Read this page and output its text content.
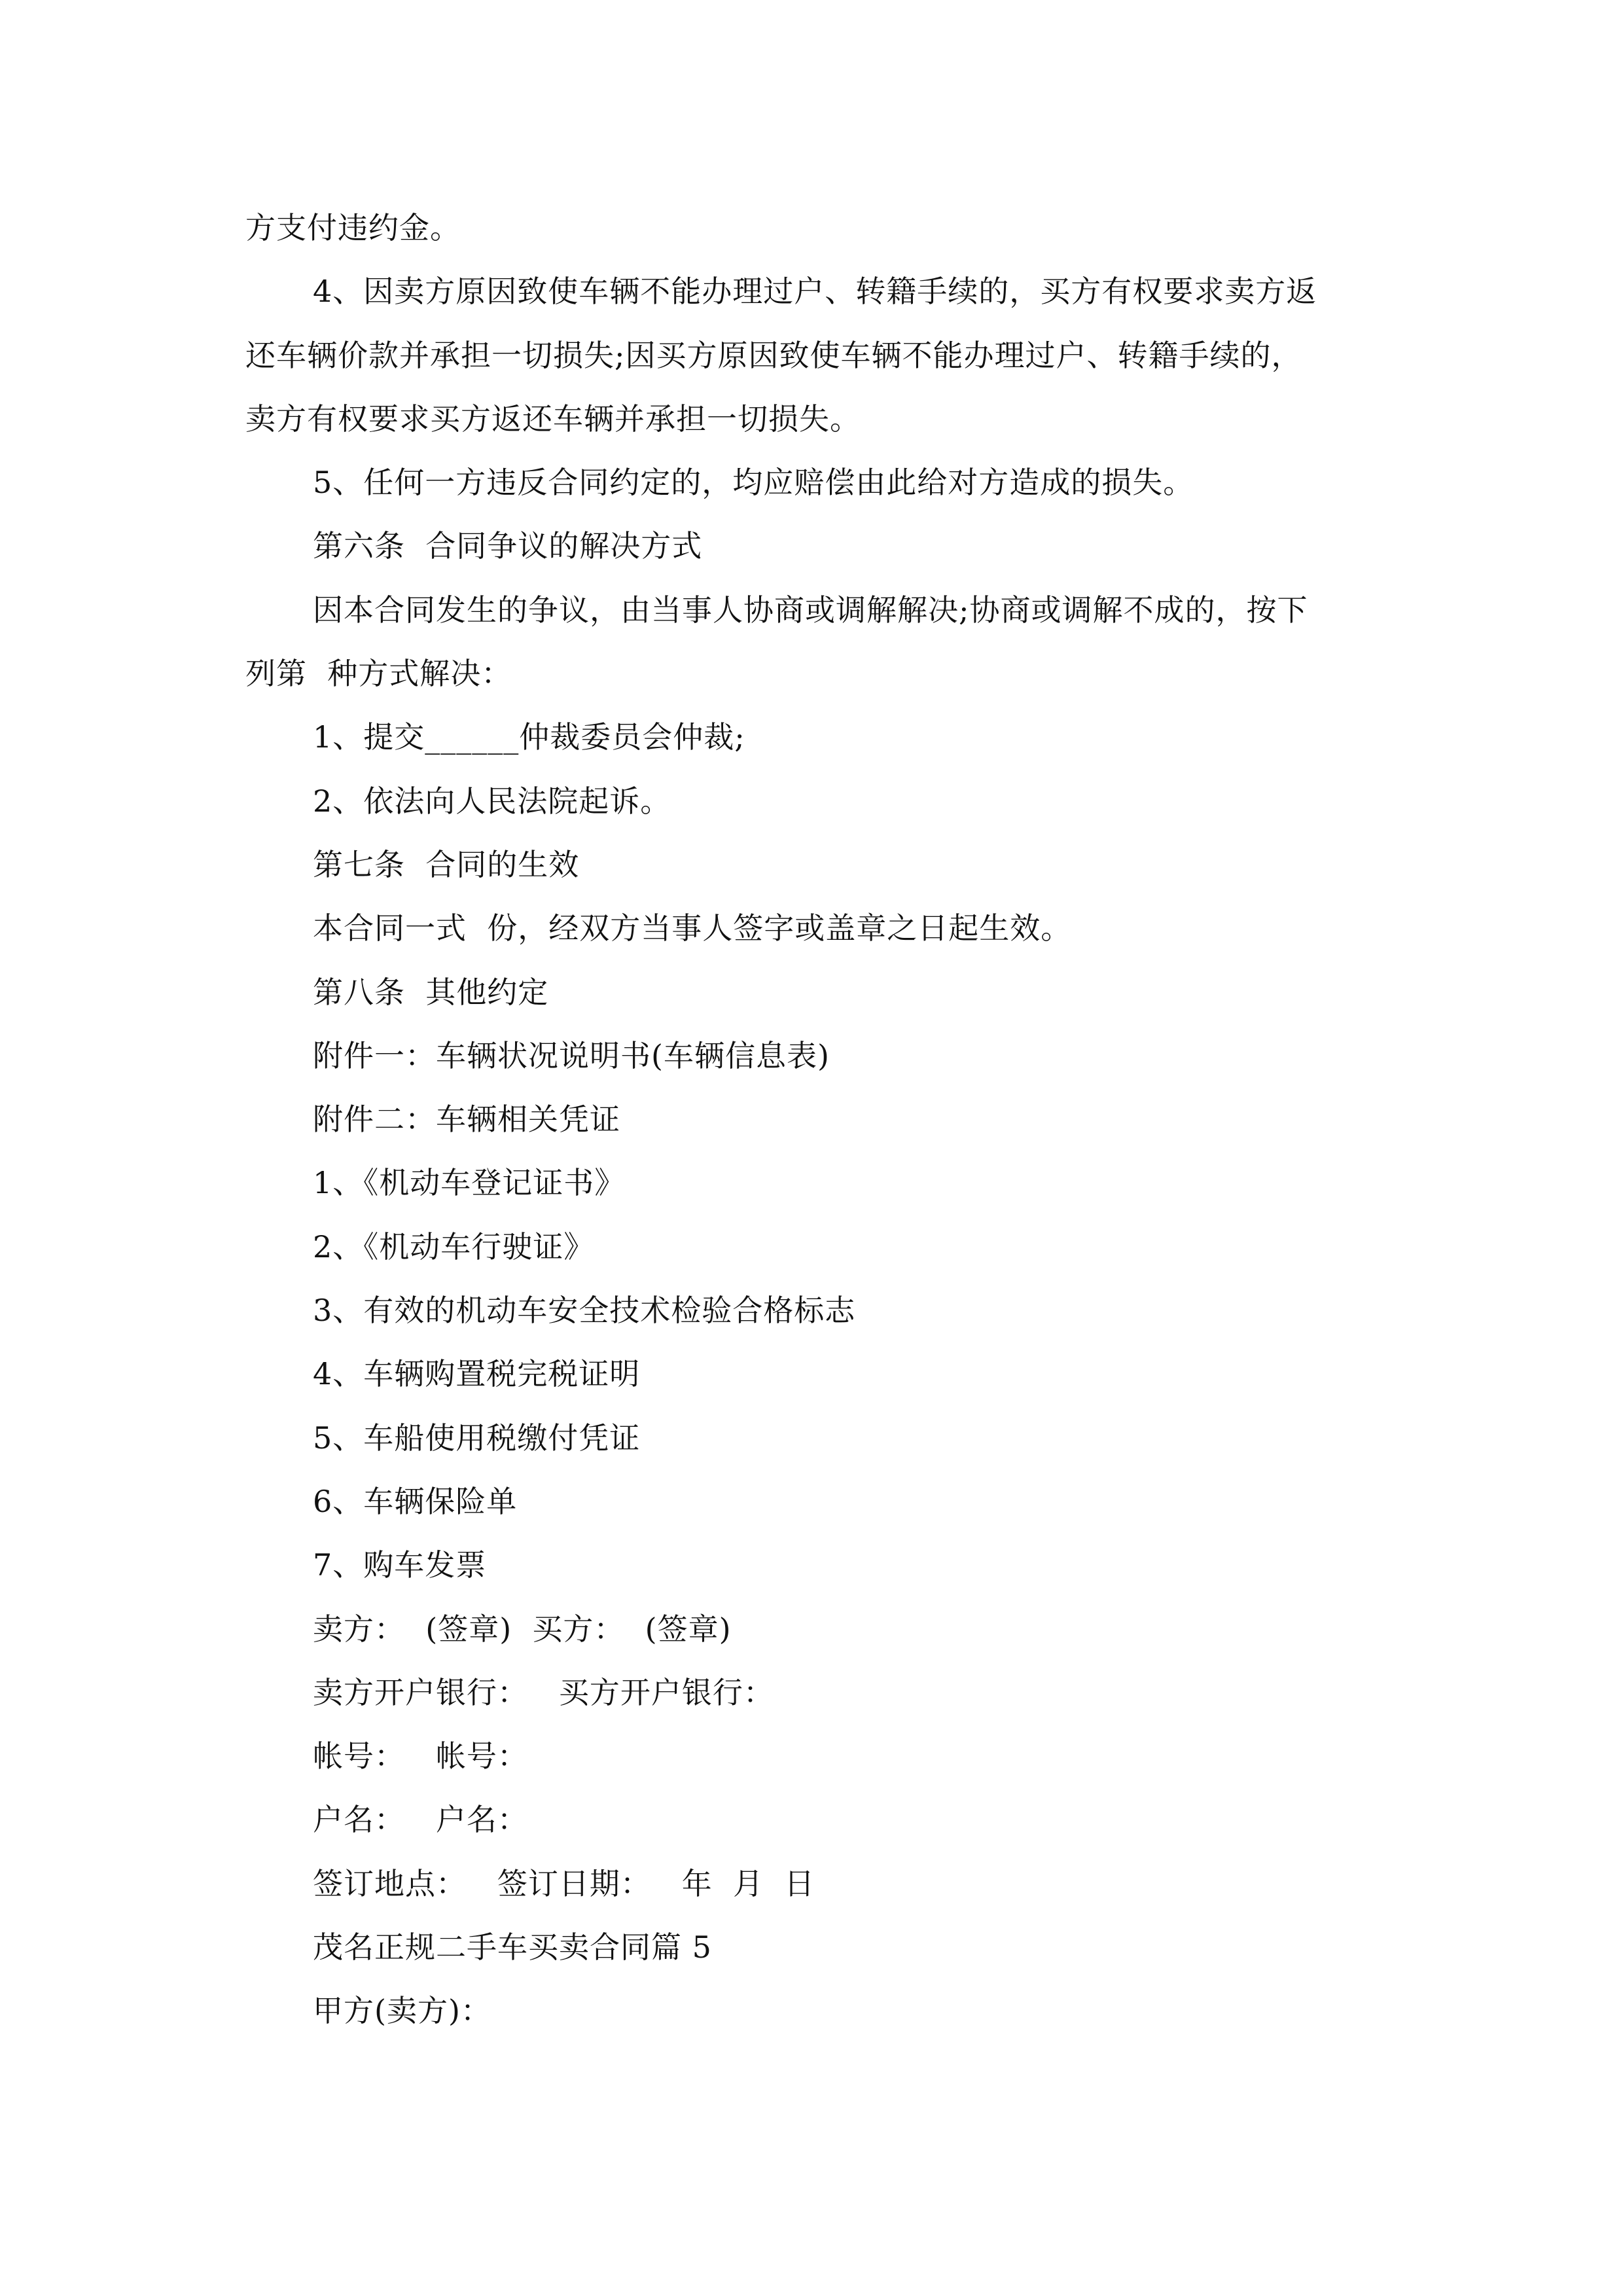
方支付违约金。
4、因卖方原因致使车辆不能办理过户、转籍手续的，买方有权要求卖方返
还车辆价款并承担一切损失;因买方原因致使车辆不能办理过户、转籍手续的，
卖方有权要求买方返还车辆并承担一切损失。
5、任何一方违反合同约定的，均应赔偿由此给对方造成的损失。
第六条  合同争议的解决方式
因本合同发生的争议，由当事人协商或调解解决;协商或调解不成的，按下
列第  种方式解决：
1、提交______仲裁委员会仲裁;
2、依法向人民法院起诉。
第七条  合同的生效
本合同一式  份，经双方当事人签字或盖章之日起生效。
第八条  其他约定
附件一：车辆状况说明书(车辆信息表)
附件二：车辆相关凭证
1、《机动车登记证书》
2、《机动车行驶证》
3、有效的机动车安全技术检验合格标志
4、车辆购置税完税证明
5、车船使用税缴付凭证
6、车辆保险单
7、购车发票
卖方：  (签章)  买方：  (签章)
卖方开户银行：   买方开户银行：
帐号：   帐号：
户名：   户名：
签订地点：   签订日期：   年  月  日
茂名正规二手车买卖合同篇 5
甲方(卖方)：
